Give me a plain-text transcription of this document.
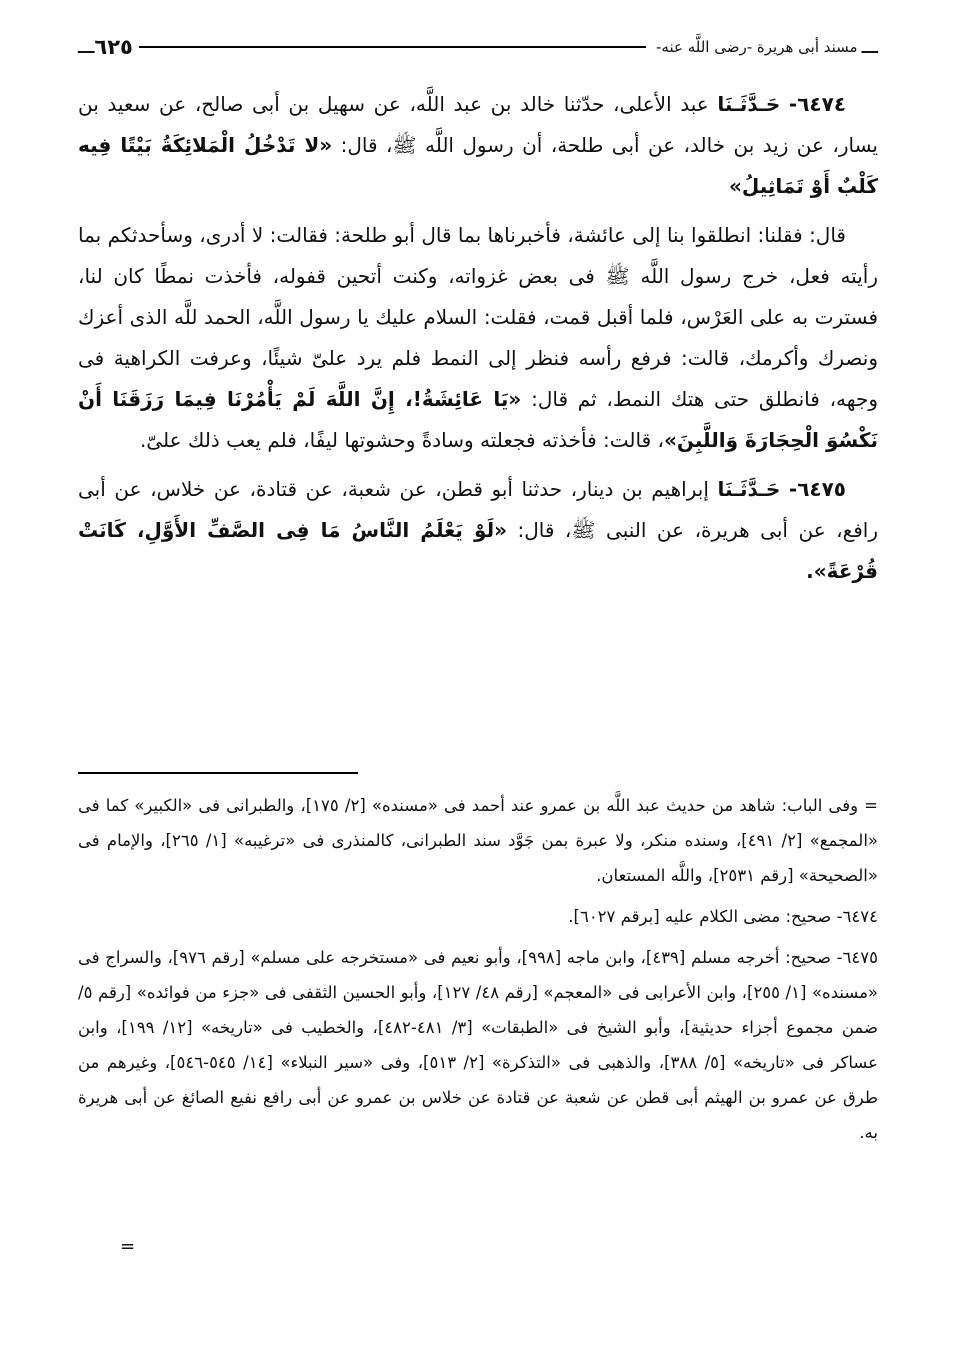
ـــ
مسند أبى هريرة -رضى اللَّه عنه-
٦٢٥
ـــ

٦٤٧٤- حَـدَّثَـنَا عبد الأعلى، حدّثنا خالد بن عبد اللَّه، عن سهيل بن أبى صالح، عن سعيد بن يسار، عن زيد بن خالد، عن أبى طلحة، أن رسول اللَّه ﷺ، قال: «لا تَدْخُلُ الْمَلائِكَةُ بَيْتًا فِيه كَلْبٌ أَوْ تَمَاثِيلُ»

قال: فقلنا: انطلقوا بنا إلى عائشة، فأخبرناها بما قال أبو طلحة: فقالت: لا أدرى، وسأحدثكم بما رأيته فعل، خرج رسول اللَّه ﷺ فى بعض غزواته، وكنت أتحين قفوله، فأخذت نمطًا كان لنا، فسترت به على العَرْس، فلما أقبل قمت، فقلت: السلام عليك يا رسول اللَّه، الحمد للَّه الذى أعزك ونصرك وأكرمك، قالت: فرفع رأسه فنظر إلى النمط فلم يرد علىّ شيئًا، وعرفت الكراهية فى وجهه، فانطلق حتى هتك النمط، ثم قال: «يَا عَائِشَةُ!، إِنَّ اللَّهَ لَمْ يَأْمُرْنَا فِيمَا رَزَقَنَا أَنْ نَكْسُوَ الْحِجَارَةَ وَاللَّبِنَ»، قالت: فأخذته فجعلته وسادةً وحشوتها ليفًا، فلم يعب ذلك علىّ.

٦٤٧٥- حَـدَّثَـنَا إبراهيم بن دينار، حدثنا أبو قطن، عن شعبة، عن قتادة، عن خلاس، عن أبى رافع، عن أبى هريرة، عن النبى ﷺ، قال: «لَوْ يَعْلَمُ النَّاسُ مَا فِى الصَّفِّ الأَوَّلِ، كَانَتْ قُرْعَةً».

= وفى الباب: شاهد من حديث عبد اللَّه بن عمرو عند أحمد فى «مسنده» [٢/ ١٧٥]، والطبرانى فى «الكبير» كما فى «المجمع» [٢/ ٤٩١]، وسنده منكر، ولا عبرة بمن جَوَّد سند الطبرانى، كالمنذرى فى «ترغيبه» [١/ ٢٦٥]، والإمام فى «الصحيحة» [رقم ٢٥٣١]، واللَّه المستعان.

٦٤٧٤- صحيح: مضى الكلام عليه [برقم ٦٠٢٧].

٦٤٧٥- صحيح: أخرجه مسلم [٤٣٩]، وابن ماجه [٩٩٨]، وأبو نعيم فى «مستخرجه على مسلم» [رقم ٩٧٦]، والسراج فى «مسنده» [١/ ٢٥٥]، وابن الأعرابى فى «المعجم» [رقم ٤٨/ ١٢٧]، وأبو الحسين الثقفى فى «جزء من فوائده» [رقم ٥/ ضمن مجموع أجزاء حديثية]، وأبو الشيخ فى «الطبقات» [٣/ ٤٨١-٤٨٢]، والخطيب فى «تاريخه» [١٢/ ١٩٩]، وابن عساكر فى «تاريخه» [٥/ ٣٨٨]، والذهبى فى «التذكرة» [٢/ ٥١٣]، وفى «سير النبلاء» [١٤/ ٥٤٥-٥٤٦]، وغيرهم من طرق عن عمرو بن الهيثم أبى قطن عن شعبة عن قتادة عن خلاس بن عمرو عن أبى رافع نفيع الصائغ عن أبى هريرة به.

=
